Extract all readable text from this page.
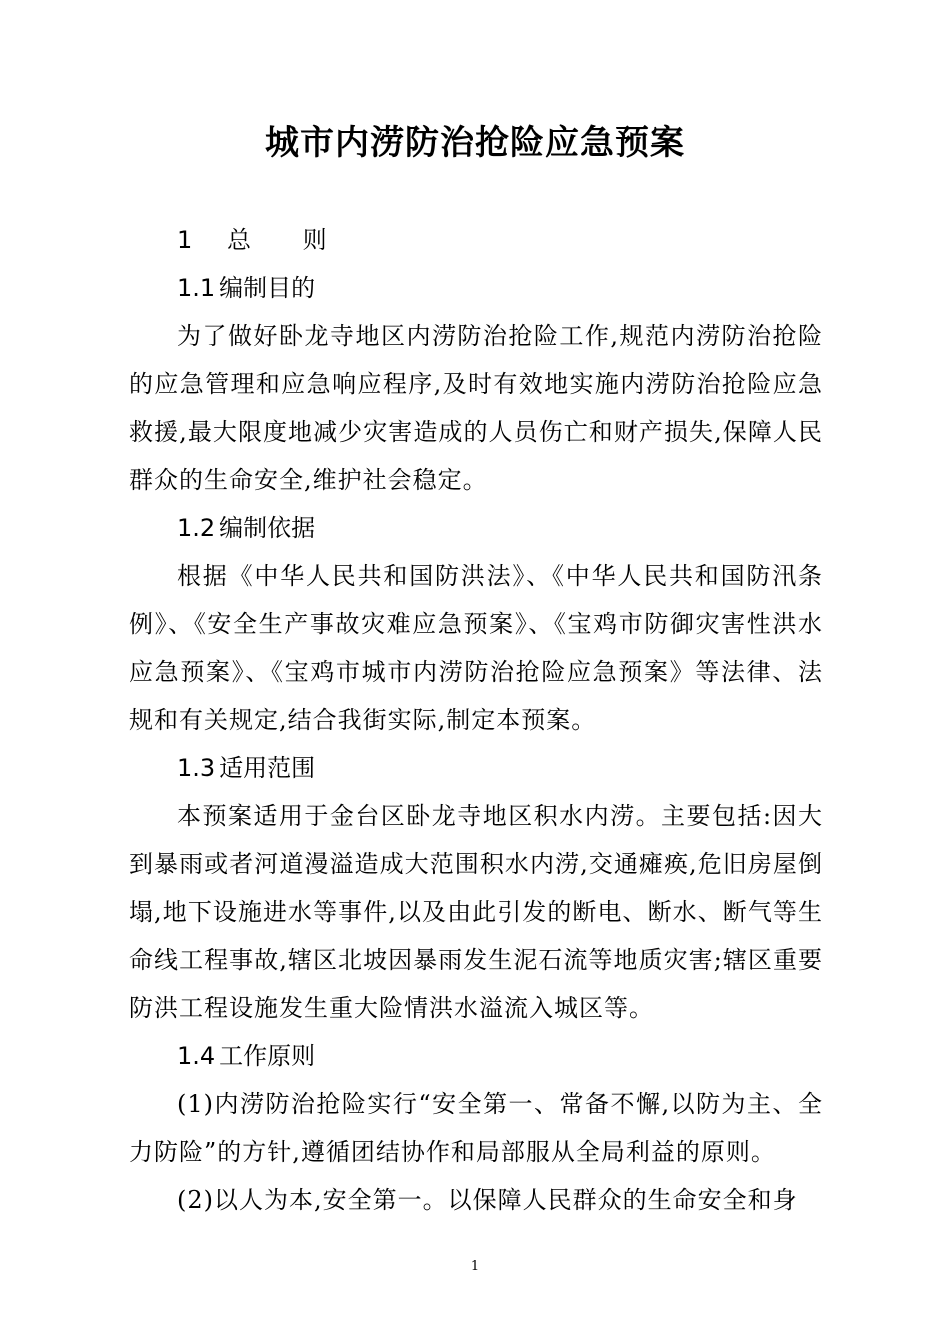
城市内涝防治抢险应急预案
1 总 则
1.1 编制目的

为了做好卧龙寺地区内涝防治抢险工作,规范内涝防治抢险的应急管理和应急响应程序,及时有效地实施内涝防治抢险应急救援,最大限度地减少灾害造成的人员伤亡和财产损失,保障人民群众的生命安全,维护社会稳定。

1.2 编制依据

根据《中华人民共和国防洪法》、《中华人民共和国防汛条例》、《安全生产事故灾难应急预案》、《宝鸡市防御灾害性洪水应急预案》、《宝鸡市城市内涝防治抢险应急预案》等法律、法规和有关规定,结合我街实际,制定本预案。

1.3 适用范围

本预案适用于金台区卧龙寺地区积水内涝。主要包括:因大到暴雨或者河道漫溢造成大范围积水内涝,交通瘫痪,危旧房屋倒塌,地下设施进水等事件,以及由此引发的断电、断水、断气等生命线工程事故,辖区北坡因暴雨发生泥石流等地质灾害;辖区重要防洪工程设施发生重大险情洪水溢流入城区等。

1.4 工作原则

(1)内涝防治抢险实行“安全第一、常备不懈,以防为主、全力防险”的方针,遵循团结协作和局部服从全局利益的原则。

(2)以人为本,安全第一。以保障人民群众的生命安全和身

1
